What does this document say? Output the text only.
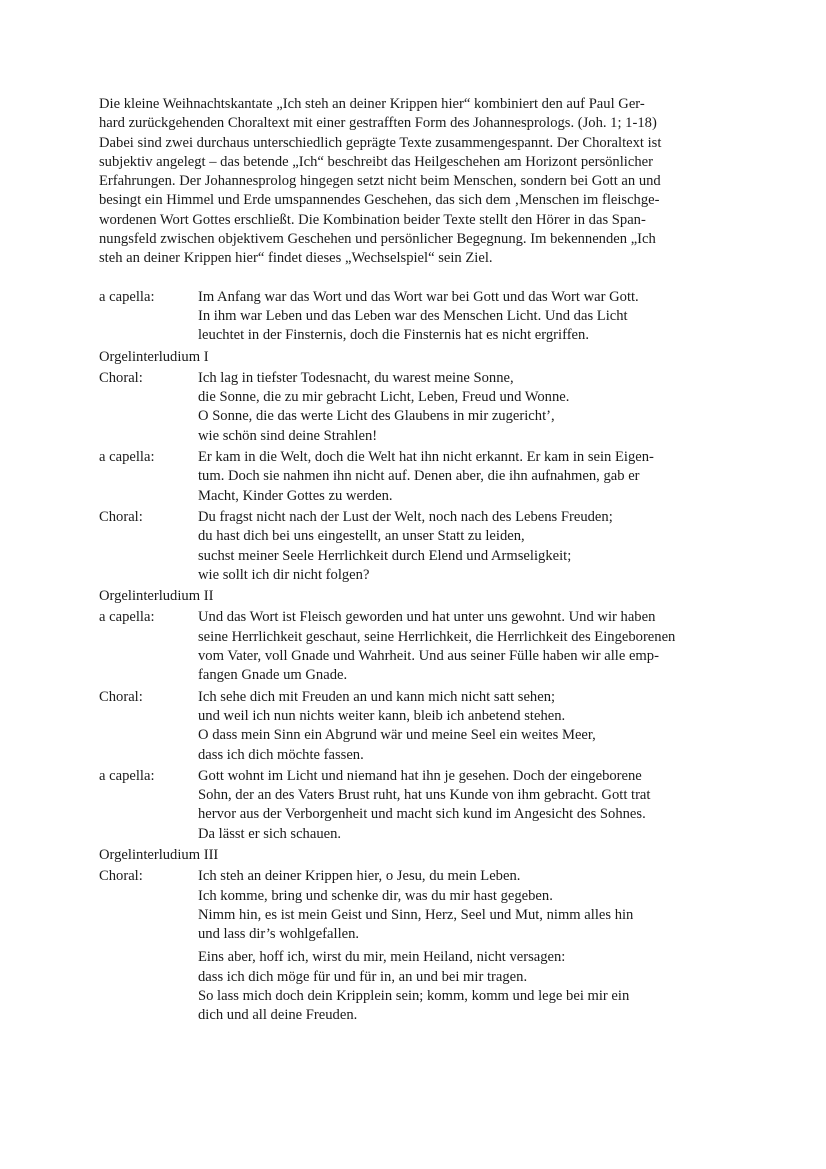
Die kleine Weihnachtskantate „Ich steh an deiner Krippen hier“ kombiniert den auf Paul Ger-

hard zurückgehenden Choraltext mit einer gestrafften Form des Johannesprologs. (Joh. 1; 1-18)

Dabei sind zwei durchaus unterschiedlich geprägte Texte zusammengespannt. Der Choraltext ist

subjektiv angelegt – das betende „Ich“ beschreibt das Heilgeschehen am Horizont persönlicher

Erfahrungen. Der Johannesprolog hingegen setzt nicht beim Menschen, sondern bei Gott an und

besingt ein Himmel und Erde umspannendes Geschehen, das sich dem ‚Menschen im fleischge-

wordenen Wort Gottes erschließt. Die Kombination beider Texte stellt den Hörer in das Span-

nungsfeld zwischen objektivem Geschehen und persönlicher Begegnung. Im bekennenden „Ich

steh an deiner Krippen hier“ findet dieses „Wechselspiel“ sein Ziel.

a capella:	Im Anfang war das Wort und das Wort war bei Gott und das Wort war Gott.
In ihm war Leben und das Leben war des Menschen Licht. Und das Licht
leuchtet in der Finsternis, doch die Finsternis hat es nicht ergriffen.
Orgelinterludium I
Choral:	Ich lag in tiefster Todesnacht, du warest meine Sonne,
die Sonne, die zu mir gebracht Licht, Leben, Freud und Wonne.
O Sonne, die das werte Licht des Glaubens in mir zugericht’,
wie schön sind deine Strahlen!
a capella:	Er kam in die Welt, doch die Welt hat ihn nicht erkannt. Er kam in sein Eigen-
tum. Doch sie nahmen ihn nicht auf. Denen aber, die ihn aufnahmen, gab er
Macht, Kinder Gottes zu werden.
Choral:	Du fragst nicht nach der Lust der Welt, noch nach des Lebens Freuden;
du hast dich bei uns eingestellt, an unser Statt zu leiden,
suchst meiner Seele Herrlichkeit durch Elend und Armseligkeit;
wie sollt ich dir nicht folgen?
Orgelinterludium II
a capella:	Und das Wort ist Fleisch geworden und hat unter uns gewohnt. Und wir haben
seine Herrlichkeit geschaut, seine Herrlichkeit, die Herrlichkeit des Eingeborenen
vom Vater, voll Gnade und Wahrheit. Und aus seiner Fülle haben wir alle emp-
fangen Gnade um Gnade.
Choral:	Ich sehe dich mit Freuden an und kann mich nicht satt sehen;
und weil ich nun nichts weiter kann, bleib ich anbetend stehen.
O dass mein Sinn ein Abgrund wär und meine Seel ein weites Meer,
dass ich dich möchte fassen.
a capella:	Gott wohnt im Licht und niemand hat ihn je gesehen. Doch der eingeborene
Sohn, der an des Vaters Brust ruht, hat uns Kunde von ihm gebracht. Gott trat
hervor aus der Verborgenheit und macht sich kund im Angesicht des Sohnes.
Da lässt er sich schauen.
Orgelinterludium III
Choral:	Ich steh an deiner Krippen hier, o Jesu, du mein Leben.
Ich komme, bring und schenke dir, was du mir hast gegeben.
Nimm hin, es ist mein Geist und Sinn, Herz, Seel und Mut, nimm alles hin
und lass dir’s wohlgefallen.
Eins aber, hoff ich, wirst du mir, mein Heiland, nicht versagen:
dass ich dich möge für und für in, an und bei mir tragen.
So lass mich doch dein Kripplein sein; komm, komm und lege bei mir ein
dich und all deine Freuden.
